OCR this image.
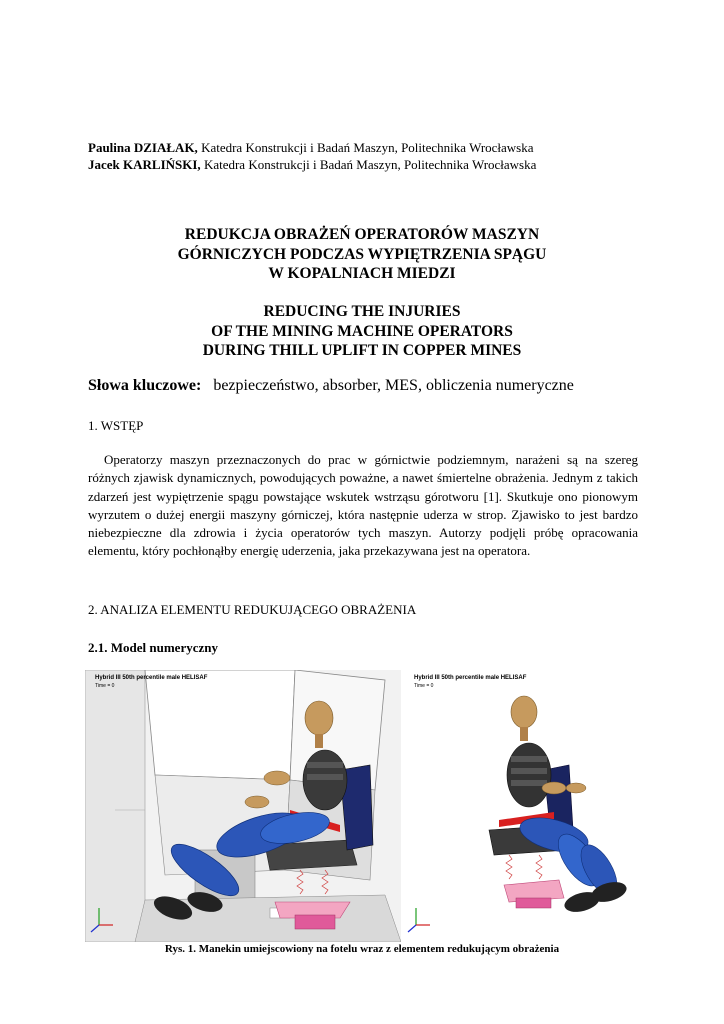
Paulina DZIAŁAK, Katedra Konstrukcji i Badań Maszyn, Politechnika Wrocławska
Jacek KARLIŃSKI, Katedra Konstrukcji i Badań Maszyn, Politechnika Wrocławska
REDUKCJA OBRAŻEŃ OPERATORÓW MASZYN
GÓRNICZYCH PODCZAS WYPIĘTRZENIA SPĄGU
W KOPALNIACH MIEDZI
REDUCING THE INJURIES
OF THE MINING MACHINE OPERATORS
DURING THILL UPLIFT IN COPPER MINES
Słowa kluczowe: bezpieczeństwo, absorber, MES, obliczenia numeryczne
1. WSTĘP
Operatorzy maszyn przeznaczonych do prac w górnictwie podziemnym, narażeni są na szereg różnych zjawisk dynamicznych, powodujących poważne, a nawet śmiertelne obrażenia. Jednym z takich zdarzeń jest wypiętrzenie spągu powstające wskutek wstrząsu górotworu [1]. Skutkuje ono pionowym wyrzutem o dużej energii maszyny górniczej, która następnie uderza w strop. Zjawisko to jest bardzo niebezpieczne dla zdrowia i życia operatorów tych maszyn. Autorzy podjęli próbę opracowania elementu, który pochłonąłby energię uderzenia, jaka przekazywana jest na operatora.
2. ANALIZA ELEMENTU REDUKUJĄCEGO OBRAŻENIA
2.1. Model numeryczny
Hybrid III 50th percentile male HELISAF
Time = 0
Hybrid III 50th percentile male HELISAF
Time = 0
Rys. 1. Manekin umiejscowiony na fotelu wraz z elementem redukującym obrażenia
